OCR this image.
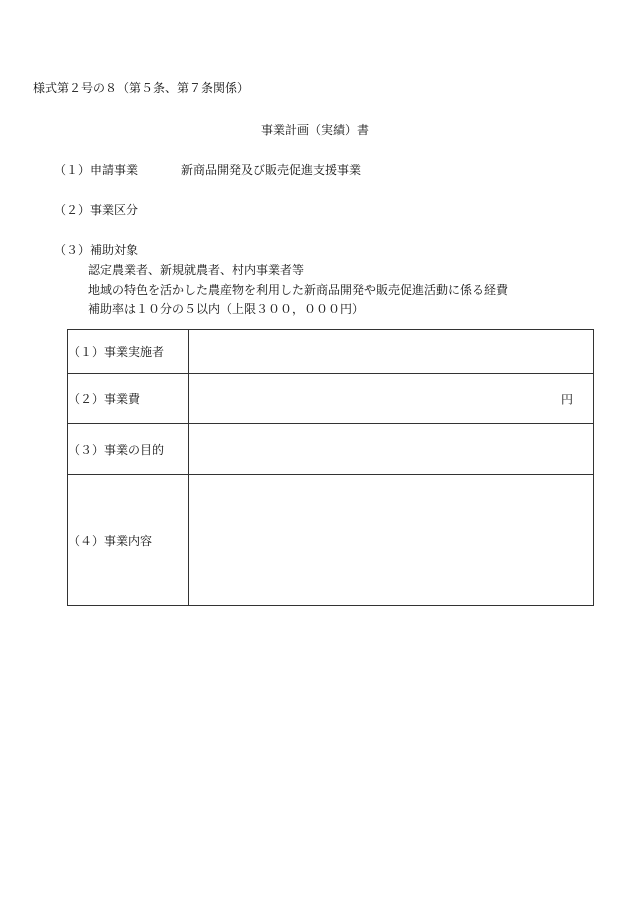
様式第２号の８（第５条、第７条関係）
事業計画（実績）書
（１）申請事業	新商品開発及び販売促進支援事業
（２）事業区分
（３）補助対象
認定農業者、新規就農者、村内事業者等
地域の特色を活かした農産物を利用した新商品開発や販売促進活動に係る経費
補助率は１０分の５以内（上限３００，０００円）
（１）事業実施者	
（２）事業費	円

（３）事業の目的	
（４）事業内容	
